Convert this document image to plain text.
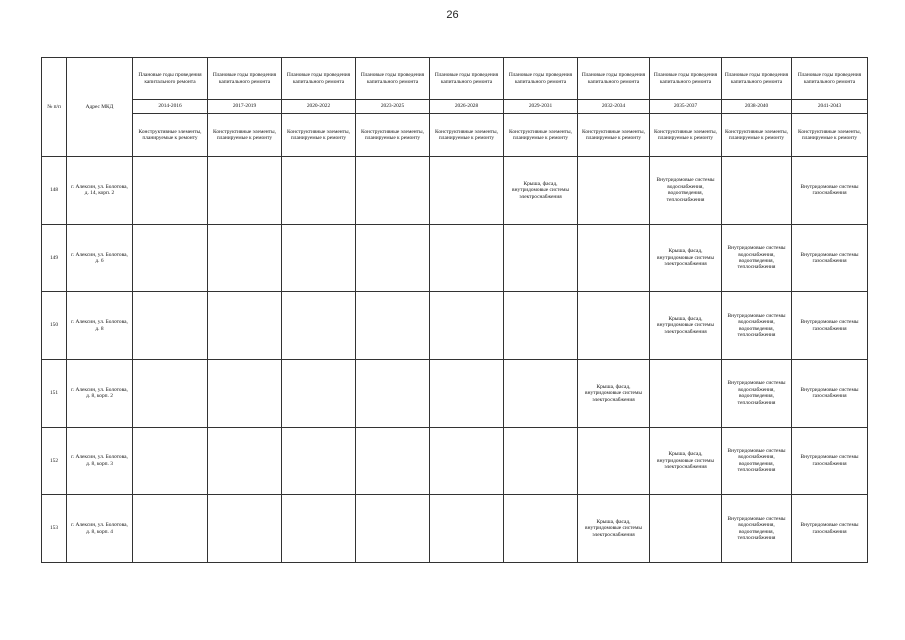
26
№ п/п	Адрес МКД	Плановые годы проведения капитального ремонта	Плановые годы проведения капитального ремонта	Плановые годы проведения капитального ремонта	Плановые годы проведения капитального ремонта	Плановые годы проведения капитального ремонта	Плановые годы проведения капитального ремонта	Плановые годы проведения капитального ремонта	Плановые годы проведения капитального ремонта	Плановые годы проведения капитального ремонта	Плановые годы проведения капитального ремонта
		2014-2016	2017-2019	2020-2022	2023-2025	2026-2028	2029-2031	2032-2034	2035-2037	2038-2040	2041-2043
		Конструктивные элементы, планируемые к ремонту	Конструктивные элементы, планируемые к ремонту	Конструктивные элементы, планируемые к ремонту	Конструктивные элементы, планируемые к ремонту	Конструктивные элементы, планируемые к ремонту	Конструктивные элементы, планируемые к ремонту	Конструктивные элементы, планируемые к ремонту	Конструктивные элементы, планируемые к ремонту	Конструктивные элементы, планируемые к ремонту	Конструктивные элементы, планируемые к ремонту
148	г. Алексин, ул. Болотова, д. 14, корп. 2						Крыша, фасад, внутридомовые системы электроснабжения		Внутридомовые системы водоснабжения, водоотведения, теплоснабжения		Внутридомовые системы газоснабжения
149	г. Алексин, ул. Болотова, д. 6								Крыша, фасад, внутридомовые системы электроснабжения	Внутридомовые системы водоснабжения, водоотведения, теплоснабжения	Внутридомовые системы газоснабжения
150	г. Алексин, ул. Болотова, д. 8								Крыша, фасад, внутридомовые системы электроснабжения	Внутридомовые системы водоснабжения, водоотведения, теплоснабжения	Внутридомовые системы газоснабжения
151	г. Алексин, ул. Болотова, д. 8, корп. 2							Крыша, фасад, внутридомовые системы электроснабжения		Внутридомовые системы водоснабжения, водоотведения, теплоснабжения	Внутридомовые системы газоснабжения
152	г. Алексин, ул. Болотова, д. 8, корп. 3								Крыша, фасад, внутридомовые системы электроснабжения	Внутридомовые системы водоснабжения, водоотведения, теплоснабжения	Внутридомовые системы газоснабжения
153	г. Алексин, ул. Болотова, д. 8, корп. 4							Крыша, фасад, внутридомовые системы электроснабжения		Внутридомовые системы водоснабжения, водоотведения, теплоснабжения	Внутридомовые системы газоснабжения
